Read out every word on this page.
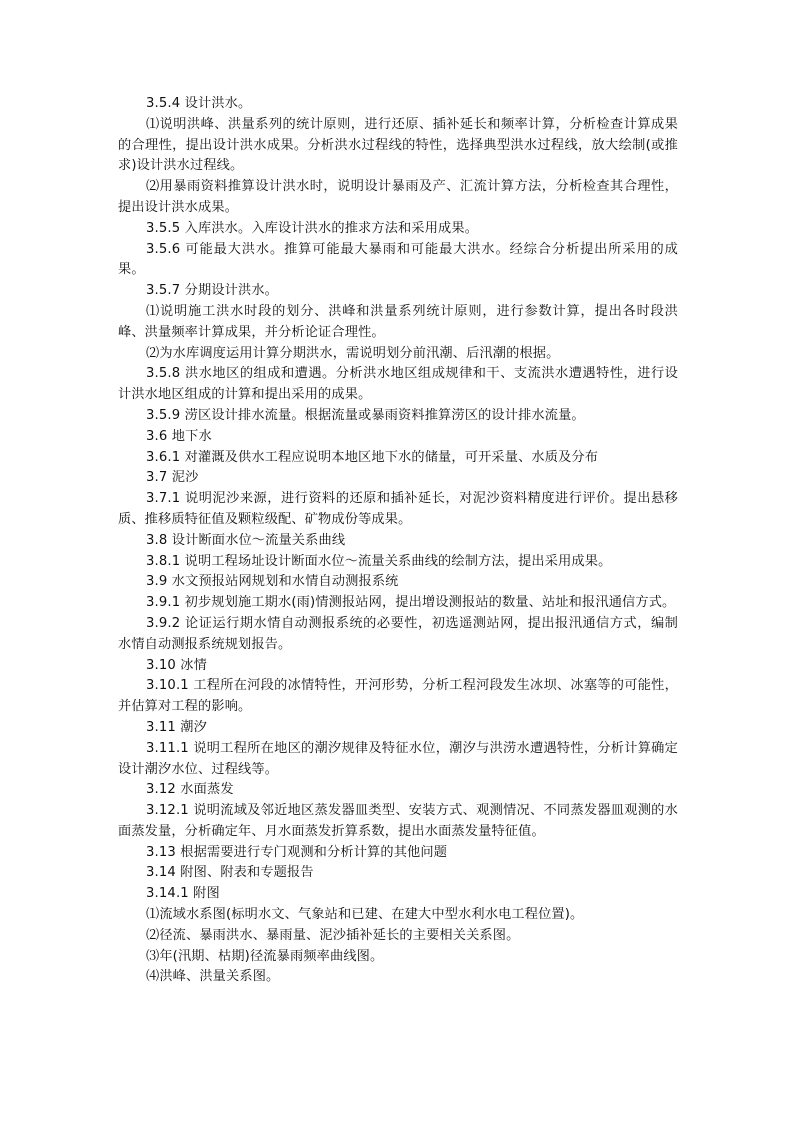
3.5.4 设计洪水。

⑴说明洪峰、洪量系列的统计原则，进行还原、插补延长和频率计算，分析检查计算成果的合理性，提出设计洪水成果。分析洪水过程线的特性，选择典型洪水过程线，放大绘制(或推求)设计洪水过程线。

⑵用暴雨资料推算设计洪水时，说明设计暴雨及产、汇流计算方法，分析检查其合理性，提出设计洪水成果。

3.5.5 入库洪水。入库设计洪水的推求方法和采用成果。

3.5.6 可能最大洪水。推算可能最大暴雨和可能最大洪水。经综合分析提出所采用的成果。

3.5.7 分期设计洪水。

⑴说明施工洪水时段的划分、洪峰和洪量系列统计原则，进行参数计算，提出各时段洪峰、洪量频率计算成果，并分析论证合理性。

⑵为水库调度运用计算分期洪水，需说明划分前汛潮、后汛潮的根据。

3.5.8 洪水地区的组成和遭遇。分析洪水地区组成规律和干、支流洪水遭遇特性，进行设计洪水地区组成的计算和提出采用的成果。

3.5.9 涝区设计排水流量。根据流量或暴雨资料推算涝区的设计排水流量。

3.6 地下水

3.6.1 对灌溉及供水工程应说明本地区地下水的储量，可开采量、水质及分布

3.7 泥沙

3.7.1 说明泥沙来源，进行资料的还原和插补延长，对泥沙资料精度进行评价。提出悬移质、推移质特征值及颗粒级配、矿物成份等成果。

3.8 设计断面水位～流量关系曲线

3.8.1 说明工程场址设计断面水位～流量关系曲线的绘制方法，提出采用成果。

3.9 水文预报站网规划和水情自动测报系统

3.9.1 初步规划施工期水(雨)情测报站网，提出增设测报站的数量、站址和报汛通信方式。

3.9.2 论证运行期水情自动测报系统的必要性，初选遥测站网，提出报汛通信方式，编制水情自动测报系统规划报告。

3.10 冰情

3.10.1 工程所在河段的冰情特性，开河形势，分析工程河段发生冰坝、冰塞等的可能性，并估算对工程的影响。

3.11 潮汐

3.11.1 说明工程所在地区的潮汐规律及特征水位，潮汐与洪涝水遭遇特性，分析计算确定设计潮汐水位、过程线等。

3.12 水面蒸发

3.12.1 说明流域及邻近地区蒸发器皿类型、安装方式、观测情况、不同蒸发器皿观测的水面蒸发量，分析确定年、月水面蒸发折算系数，提出水面蒸发量特征值。

3.13 根据需要进行专门观测和分析计算的其他问题

3.14 附图、附表和专题报告

3.14.1 附图

⑴流域水系图(标明水文、气象站和已建、在建大中型水利水电工程位置)。

⑵径流、暴雨洪水、暴雨量、泥沙插补延长的主要相关关系图。

⑶年(汛期、枯期)径流暴雨频率曲线图。

⑷洪峰、洪量关系图。
